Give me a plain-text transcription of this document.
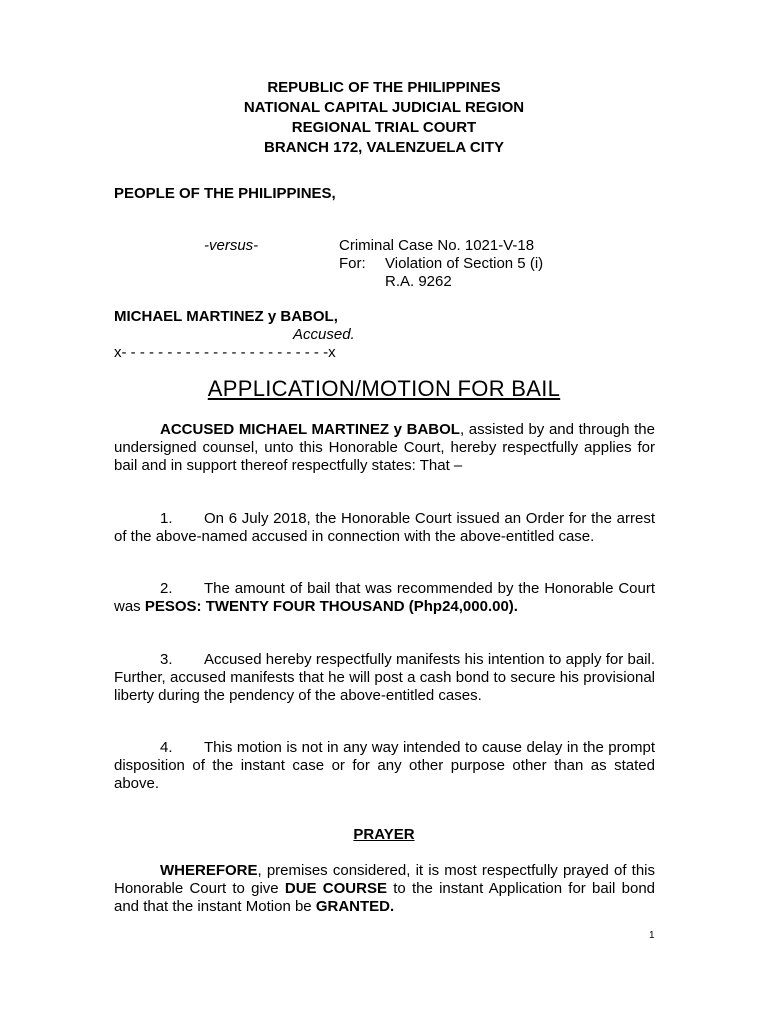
REPUBLIC OF THE PHILIPPINES
NATIONAL CAPITAL JUDICIAL REGION
REGIONAL TRIAL COURT
BRANCH 172, VALENZUELA CITY
PEOPLE OF THE PHILIPPINES,
-versus-	Criminal Case No. 1021-V-18
For: Violation of Section 5 (i)
R.A. 9262
MICHAEL MARTINEZ y BABOL,
Accused.
x- - - - - - - - - - - - - - - - - - - - - - -x
APPLICATION/MOTION FOR BAIL

ACCUSED MICHAEL MARTINEZ y BABOL, assisted by and through the undersigned counsel, unto this Honorable Court, hereby respectfully applies for bail and in support thereof respectfully states: That –

1. On 6 July 2018, the Honorable Court issued an Order for the arrest of the above-named accused in connection with the above-entitled case.

2. The amount of bail that was recommended by the Honorable Court was PESOS: TWENTY FOUR THOUSAND (Php24,000.00).

3. Accused hereby respectfully manifests his intention to apply for bail. Further, accused manifests that he will post a cash bond to secure his provisional liberty during the pendency of the above-entitled cases.

4. This motion is not in any way intended to cause delay in the prompt disposition of the instant case or for any other purpose other than as stated above.

PRAYER

WHEREFORE, premises considered, it is most respectfully prayed of this Honorable Court to give DUE COURSE to the instant Application for bail bond and that the instant Motion be GRANTED.

1
